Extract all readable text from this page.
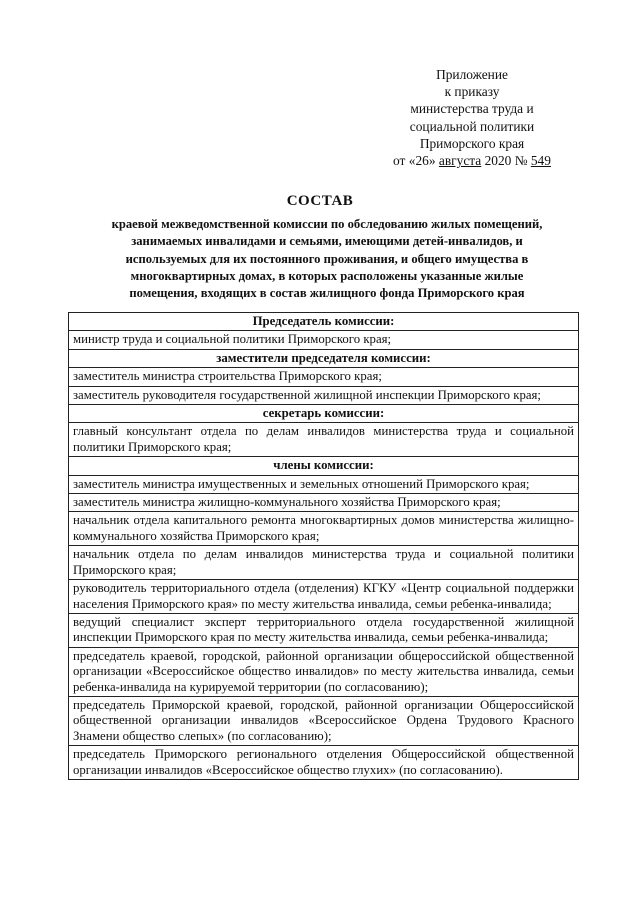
Приложение
к приказу
министерства труда и
социальной политики
Приморского края
от «26» августа 2020 № 549
СОСТАВ
краевой межведомственной комиссии по обследованию жилых помещений,
занимаемых инвалидами и семьями, имеющими детей-инвалидов, и
используемых для их постоянного проживания, и общего имущества в
многоквартирных домах, в которых расположены указанные жилые
помещения, входящих в состав жилищного фонда Приморского края
Председатель комиссии:
министр труда и социальной политики Приморского края;
заместители председателя комиссии:
заместитель министра строительства Приморского края;
заместитель руководителя государственной жилищной инспекции Приморского края;
секретарь комиссии:
главный консультант отдела по делам инвалидов министерства труда и социальной политики Приморского края;
члены комиссии:
заместитель министра имущественных и земельных отношений Приморского края;
заместитель министра жилищно-коммунального хозяйства Приморского края;
начальник отдела капитального ремонта многоквартирных домов министерства жилищно-коммунального хозяйства Приморского края;
начальник отдела по делам инвалидов министерства труда и социальной политики Приморского края;
руководитель территориального отдела (отделения) КГКУ «Центр социальной поддержки населения Приморского края» по месту жительства инвалида, семьи ребенка-инвалида;
ведущий специалист эксперт территориального отдела государственной жилищной инспекции Приморского края по месту жительства инвалида, семьи ребенка-инвалида;
председатель краевой, городской, районной организации общероссийской общественной организации «Всероссийское общество инвалидов» по месту жительства инвалида, семьи ребенка-инвалида на курируемой территории (по согласованию);
председатель Приморской краевой, городской, районной организации Общероссийской общественной организации инвалидов «Всероссийское Ордена Трудового Красного Знамени общество слепых» (по согласованию);
председатель Приморского регионального отделения Общероссийской общественной организации инвалидов «Всероссийское общество глухих» (по согласованию).
